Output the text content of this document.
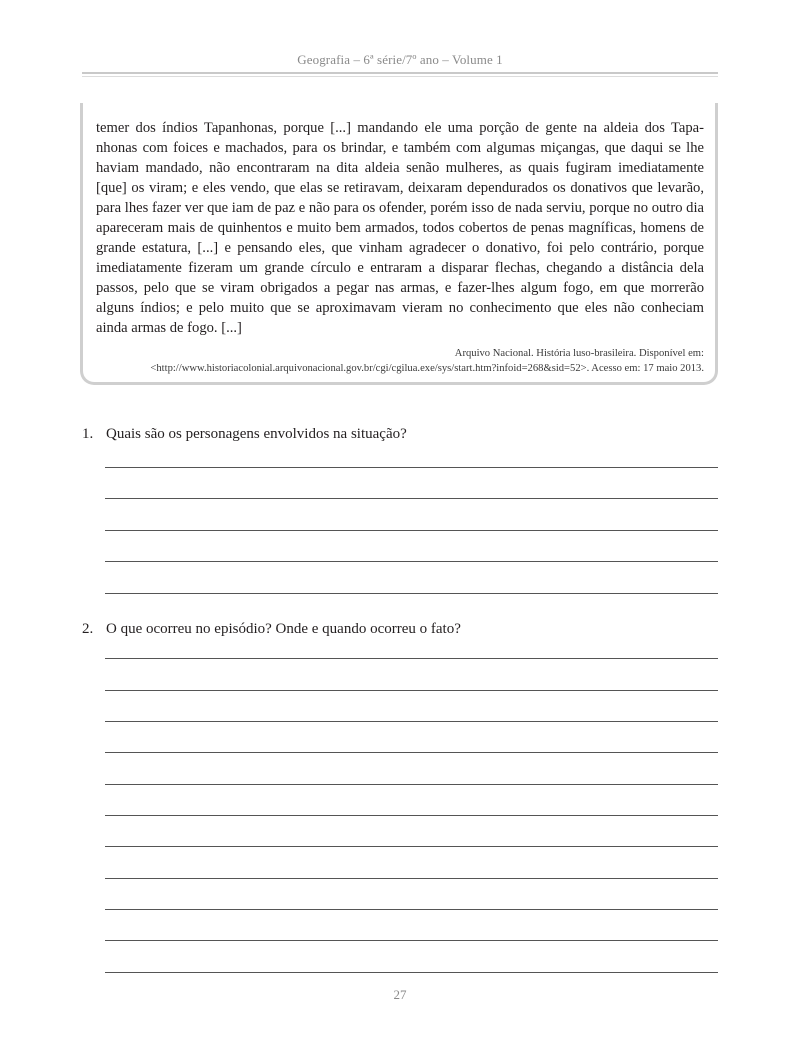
Geografia – 6ª série/7º ano – Volume 1
temer dos índios Tapanhonas, porque [...] mandando ele uma porção de gente na aldeia dos Tapa-nhonas com foices e machados, para os brindar, e também com algumas miçangas, que daqui se lhe haviam mandado, não encontraram na dita aldeia senão mulheres, as quais fugiram imediatamente [que] os viram; e eles vendo, que elas se retiravam, deixaram dependurados os donativos que levarão, para lhes fazer ver que iam de paz e não para os ofender, porém isso de nada serviu, porque no outro dia apareceram mais de quinhentos e muito bem armados, todos cobertos de penas magníficas, homens de grande estatura, [...] e pensando eles, que vinham agradecer o donativo, foi pelo contrário, porque imediatamente fizeram um grande círculo e entraram a disparar flechas, chegando a distância dela passos, pelo que se viram obrigados a pegar nas armas, e fazer-lhes algum fogo, em que morrerão alguns índios; e pelo muito que se aproximavam vieram no conhecimento que eles não conheciam ainda armas de fogo. [...]
Arquivo Nacional. História luso-brasileira. Disponível em:
<http://www.historiacolonial.arquivonacional.gov.br/cgi/cgilua.exe/sys/start.htm?infoid=268&sid=52>. Acesso em: 17 maio 2013.
1. Quais são os personagens envolvidos na situação?
2. O que ocorreu no episódio? Onde e quando ocorreu o fato?
27
